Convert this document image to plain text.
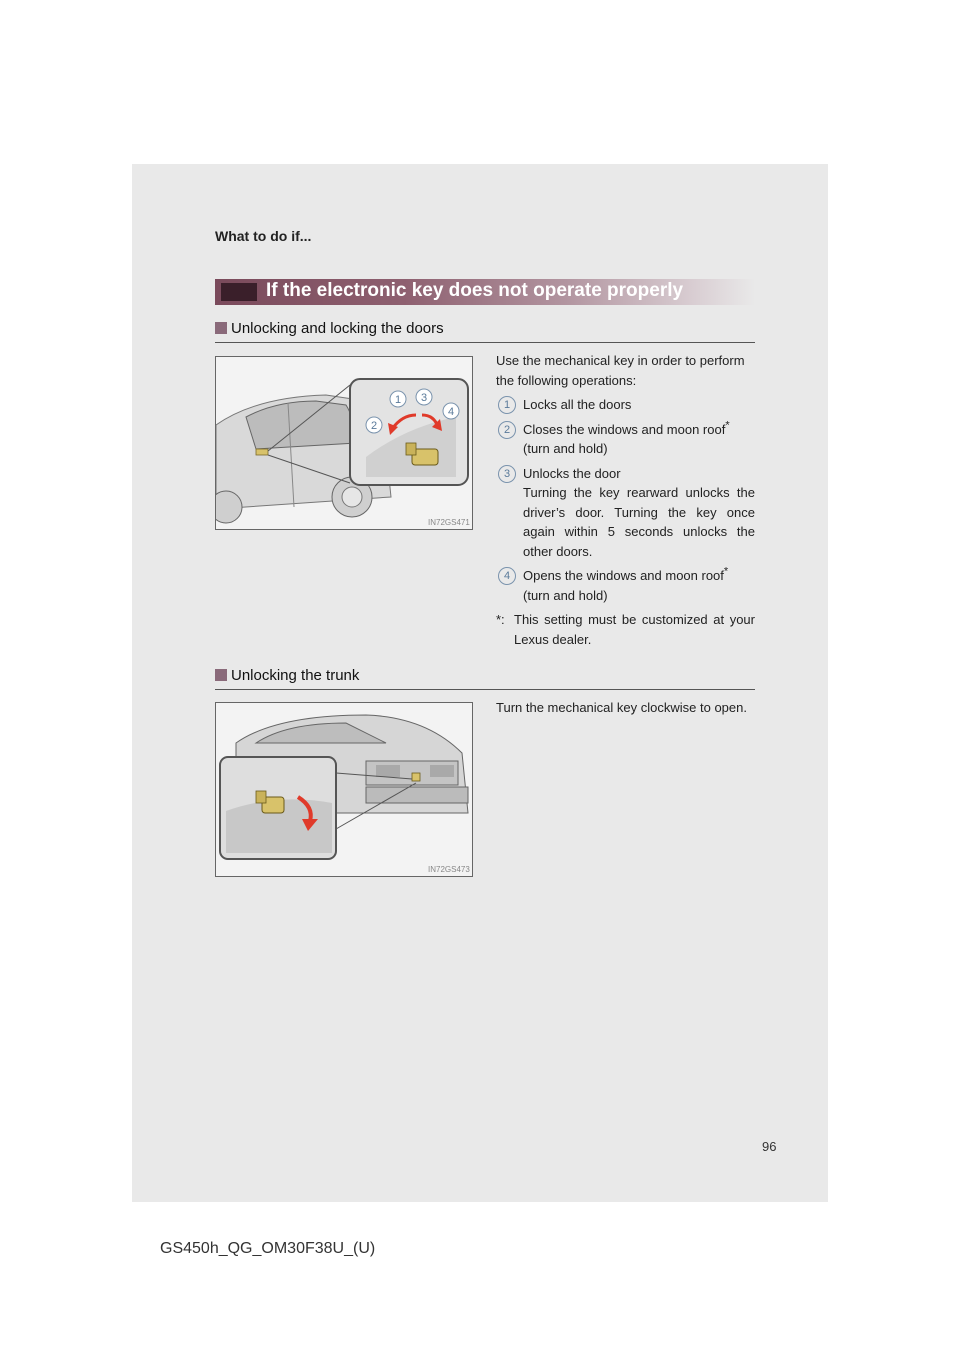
What to do if...
If the electronic key does not operate properly
Unlocking and locking the doors
1 3
2
4
IN72GS471

Use the mechanical key in order to perform the following operations:

1 Locks all the doors
2 Closes the windows and moon roof*
(turn and hold)
3 Unlocks the door
Turning the key rearward unlocks the driver’s door. Turning the key once again within 5 seconds unlocks the other doors.
4 Opens the windows and moon roof*
(turn and hold)
*: This setting must be customized at your Lexus dealer.
Unlocking the trunk
IN72GS473

Turn the mechanical key clockwise to open.

96
GS450h_QG_OM30F38U_(U)
